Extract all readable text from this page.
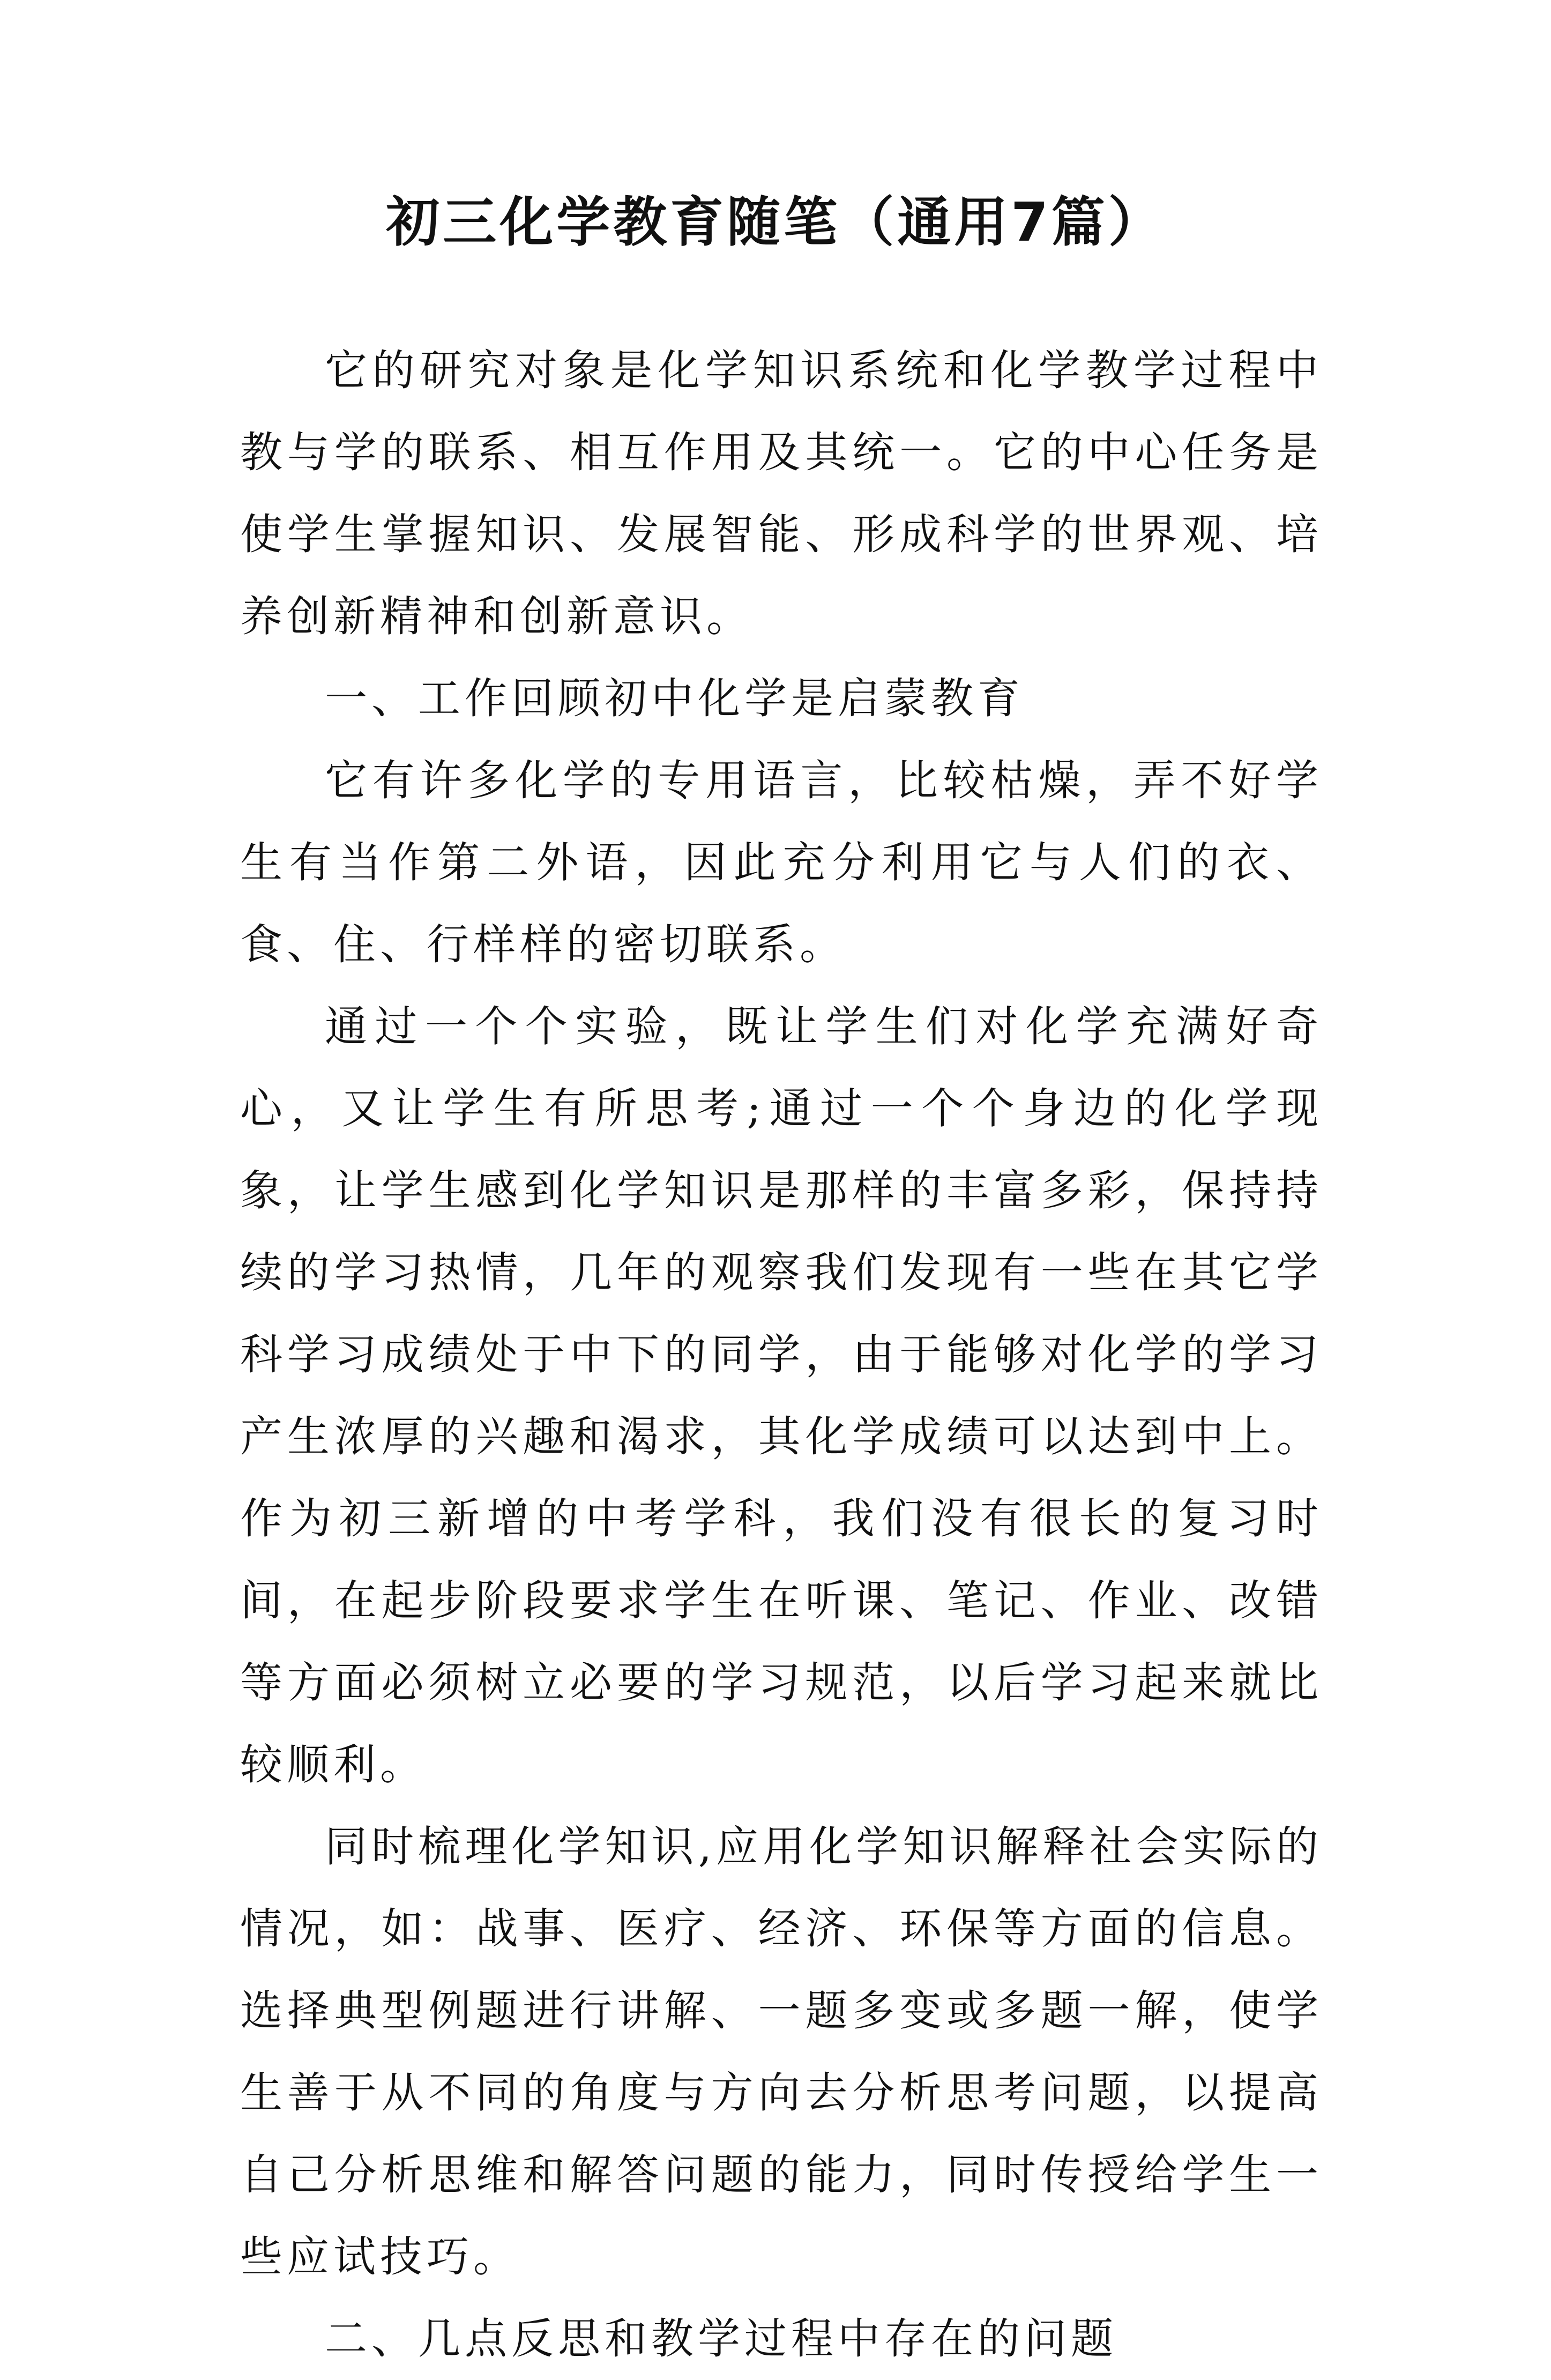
初三化学教育随笔（通用7篇）

它的研究对象是化学知识系统和化学教学过程中教与学的联系、相互作用及其统一。它的中心任务是使学生掌握知识、发展智能、形成科学的世界观、培养创新精神和创新意识。

一、工作回顾初中化学是启蒙教育

它有许多化学的专用语言，比较枯燥，弄不好学生有当作第二外语，因此充分利用它与人们的衣、食、住、行样样的密切联系。

通过一个个实验，既让学生们对化学充满好奇心，又让学生有所思考;通过一个个身边的化学现象，让学生感到化学知识是那样的丰富多彩，保持持续的学习热情，几年的观察我们发现有一些在其它学科学习成绩处于中下的同学，由于能够对化学的学习产生浓厚的兴趣和渴求，其化学成绩可以达到中上。作为初三新增的中考学科，我们没有很长的复习时间，在起步阶段要求学生在听课、笔记、作业、改错等方面必须树立必要的学习规范，以后学习起来就比较顺利。

同时梳理化学知识,应用化学知识解释社会实际的情况，如：战事、医疗、经济、环保等方面的信息。选择典型例题进行讲解、一题多变或多题一解，使学生善于从不同的角度与方向去分析思考问题，以提高自己分析思维和解答问题的能力，同时传授给学生一些应试技巧。

二、几点反思和教学过程中存在的问题
